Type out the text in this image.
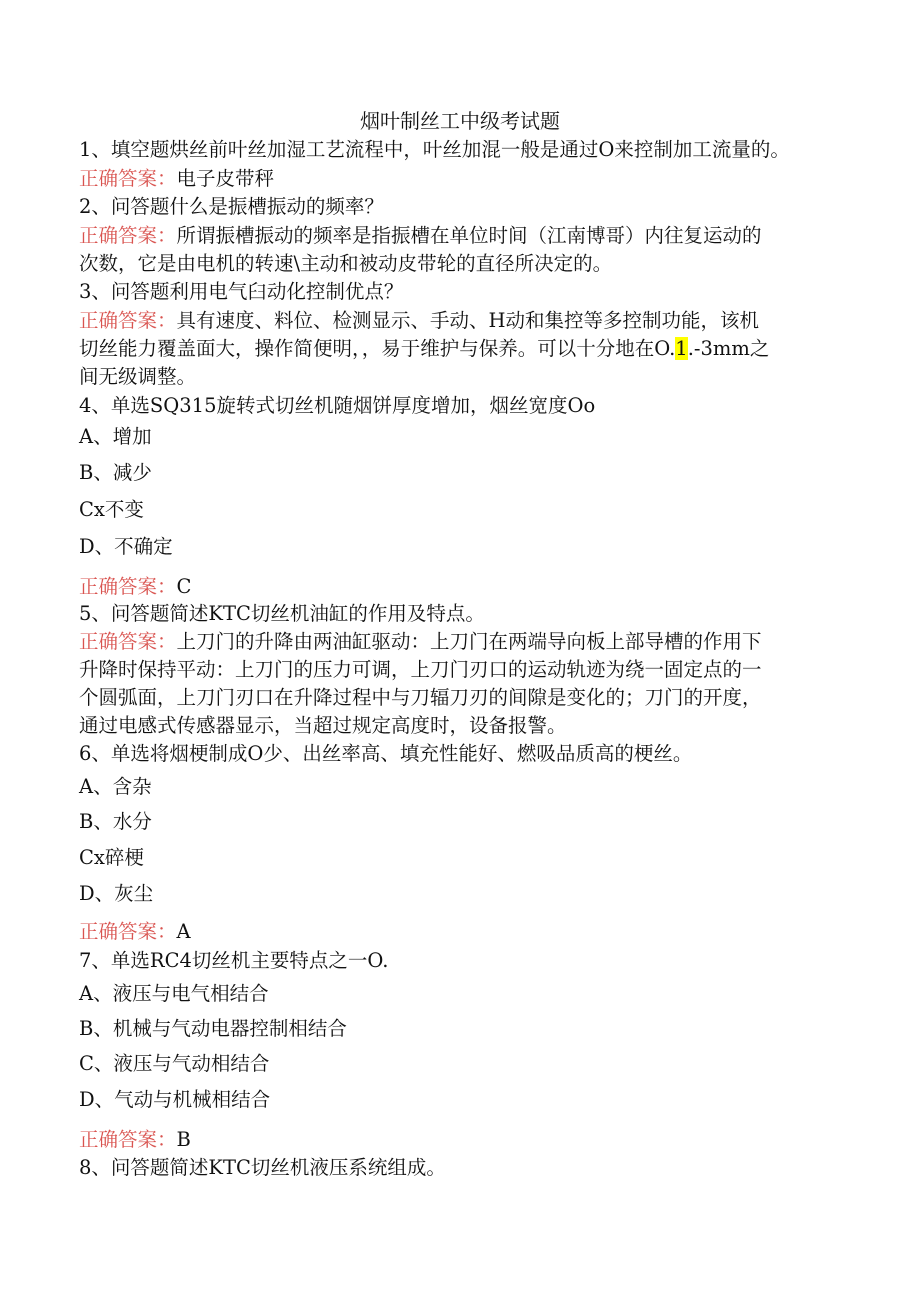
烟叶制丝工中级考试题
1、填空题烘丝前叶丝加湿工艺流程中，叶丝加混一般是通过O来控制加工流量的。
正确答案：电子皮带秤
2、问答题什么是振槽振动的频率？
正确答案：所谓振槽振动的频率是指振槽在单位时间（江南博哥）内往复运动的
次数，它是由电机的转速\主动和被动皮带轮的直径所决定的。
3、问答题利用电气臼动化控制优点？
正确答案：具有速度、料位、检测显示、手动、H动和集控等多控制功能，该机
切丝能力覆盖面大，操作简便明，，易于维护与保养。可以十分地在O.1.-3mm之
间无级调整。
4、单选SQ315旋转式切丝机随烟饼厚度增加，烟丝宽度Oo
A、增加
B、减少
Cx不变
D、不确定
正确答案：C
5、问答题简述KTC切丝机油缸的作用及特点。
正确答案：上刀门的升降由两油缸驱动：上刀门在两端导向板上部导槽的作用下
升降时保持平动：上刀门的压力可调，上刀门刃口的运动轨迹为绕一固定点的一
个圆弧面，上刀门刃口在升降过程中与刀辐刀刃的间隙是变化的；刀门的开度，
通过电感式传感器显示，当超过规定高度时，设备报警。
6、单选将烟梗制成O少、出丝率高、填充性能好、燃吸品质高的梗丝。
A、含杂
B、水分
Cx碎梗
D、灰尘
正确答案：A
7、单选RC4切丝机主要特点之一O.
A、液压与电气相结合
B、机械与气动电器控制相结合
C、液压与气动相结合
D、气动与机械相结合
正确答案：B
8、问答题简述KTC切丝机液压系统组成。
